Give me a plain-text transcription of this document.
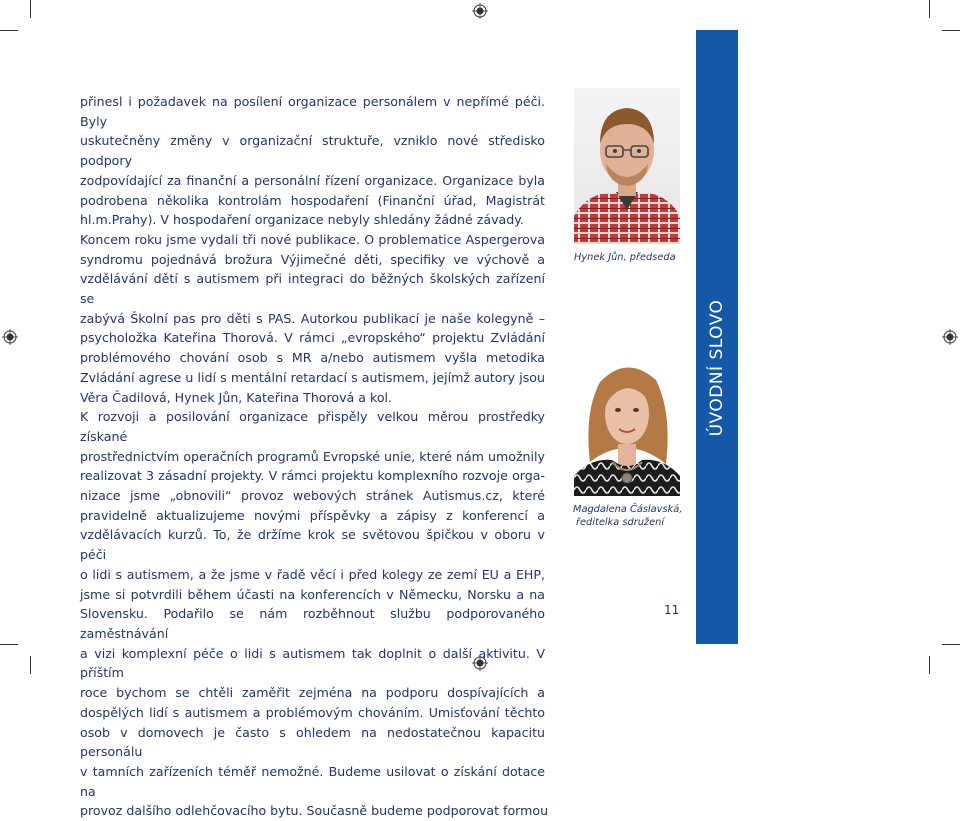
přinesl i požadavek na posílení organizace personálem v nepřímé péči. Byly
uskutečněny změny v organizační struktuře, vzniklo nové středisko podpory
zodpovídající za finanční a personální řízení organizace. Organizace byla
podrobena několika kontrolám hospodaření (Finanční úřad, Magistrát
hl.m.Prahy). V hospodaření organizace nebyly shledány žádné závady.
Koncem roku jsme vydali tři nové publikace. O problematice Aspergerova
syndromu pojednává brožura Výjimečné děti, specifiky ve výchově a
vzdělávání dětí s autismem při integraci do běžných školských zařízení se
zabývá Školní pas pro děti s PAS. Autorkou publikací je naše kolegyně –
psycholožka Kateřina Thorová. V rámci „evropského“ projektu Zvládání
problémového chování osob s MR a/nebo autismem vyšla metodika
Zvládání agrese u lidí s mentální retardací s autismem, jejímž autory jsou
Věra Čadilová, Hynek Jůn, Kateřina Thorová a kol.
K rozvoji a posilování organizace přispěly velkou měrou prostředky získané
prostřednictvím operačních programů Evropské unie, které nám umožnily
realizovat 3 zásadní projekty. V rámci projektu komplexního rozvoje orga-
nizace jsme „obnovili“ provoz webových stránek Autismus.cz, které
pravidelně aktualizujeme novými příspěvky a zápisy z konferencí a
vzdělávacích kurzů. To, že držíme krok se světovou špičkou v oboru v péči
o lidi s autismem, a že jsme v řadě věcí i před kolegy ze zemí EU a EHP,
jsme si potvrdili během účasti na konferencích v Německu, Norsku a na
Slovensku. Podařilo se nám rozběhnout službu podporovaného zaměstnávání
a vizi komplexní péče o lidi s autismem tak doplnit o další aktivitu. V příštím
roce bychom se chtěli zaměřit zejména na podporu dospívajících a
dospělých lidí s autismem a problémovým chováním. Umisťování těchto
osob v domovech je často s ohledem na nedostatečnou kapacitu personálu
v tamních zařízeních téměř nemožné. Budeme usilovat o získání dotace na
provoz dalšího odlehčovacího bytu. Současně budeme podporovat formou
Hynek Jůn, předseda
Magdalena Čáslavská,
ředitelka sdružení
ÚVODNÍ SLOVO
11
